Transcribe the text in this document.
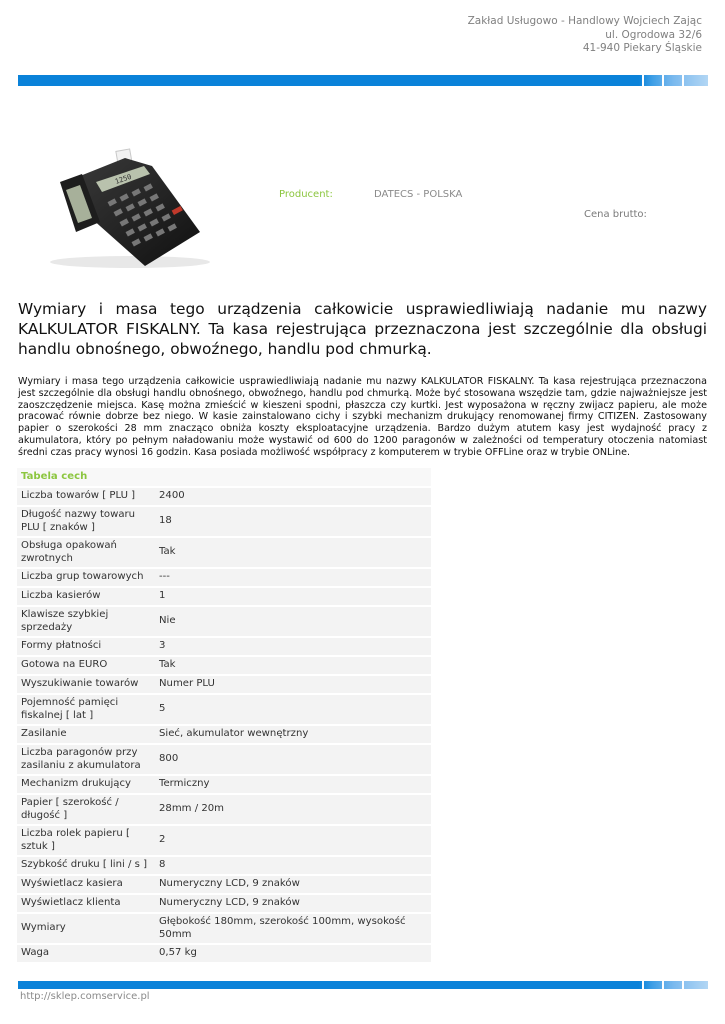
Zakład Usługowo - Handlowy Wojciech Zając
ul. Ogrodowa 32/6
41-940 Piekary Śląskie
1250
Producent:	DATECS - POLSKA
Cena brutto:
Wymiary i masa tego urządzenia całkowicie usprawiedliwiają nadanie mu nazwy KALKULATOR FISKALNY. Ta kasa rejestrująca przeznaczona jest szczególnie dla obsługi handlu obnośnego, obwoźnego, handlu pod chmurką.
Wymiary i masa tego urządzenia całkowicie usprawiedliwiają nadanie mu nazwy KALKULATOR FISKALNY. Ta kasa rejestrująca przeznaczona jest szczególnie dla obsługi handlu obnośnego, obwoźnego, handlu pod chmurką. Może być stosowana wszędzie tam, gdzie najważniejsze jest zaoszczędzenie miejsca. Kasę można zmieścić w kieszeni spodni, płaszcza czy kurtki. Jest wyposażona w ręczny zwijacz papieru, ale może pracować równie dobrze bez niego. W kasie zainstalowano cichy i szybki mechanizm drukujący renomowanej firmy CITIZEN. Zastosowany papier o szerokości 28 mm znacząco obniża koszty eksploatacyjne urządzenia. Bardzo dużym atutem kasy jest wydajność pracy z akumulatora, który po pełnym naładowaniu może wystawić od 600 do 1200 paragonów w zależności od temperatury otoczenia natomiast średni czas pracy wynosi 16 godzin. Kasa posiada możliwość współpracy z komputerem w trybie OFFLine oraz w trybie ONLine.
Tabela cech	
Liczba towarów [ PLU ]	2400
Długość nazwy towaru PLU [ znaków ]	18
Obsługa opakowań zwrotnych	Tak
Liczba grup towarowych	---
Liczba kasierów	1
Klawisze szybkiej sprzedaży	Nie
Formy płatności	3
Gotowa na EURO	Tak
Wyszukiwanie towarów	Numer PLU
Pojemność pamięci fiskalnej [ lat ]	5
Zasilanie	Sieć, akumulator wewnętrzny
Liczba paragonów przy zasilaniu z akumulatora	800
Mechanizm drukujący	Termiczny
Papier [ szerokość / długość ]	28mm / 20m
Liczba rolek papieru [ sztuk ]	2
Szybkość druku [ lini / s ]	8
Wyświetlacz kasiera	Numeryczny LCD, 9 znaków
Wyświetlacz klienta	Numeryczny LCD, 9 znaków
Wymiary	Głębokość 180mm, szerokość 100mm, wysokość 50mm
Waga	0,57 kg
http://sklep.comservice.pl
